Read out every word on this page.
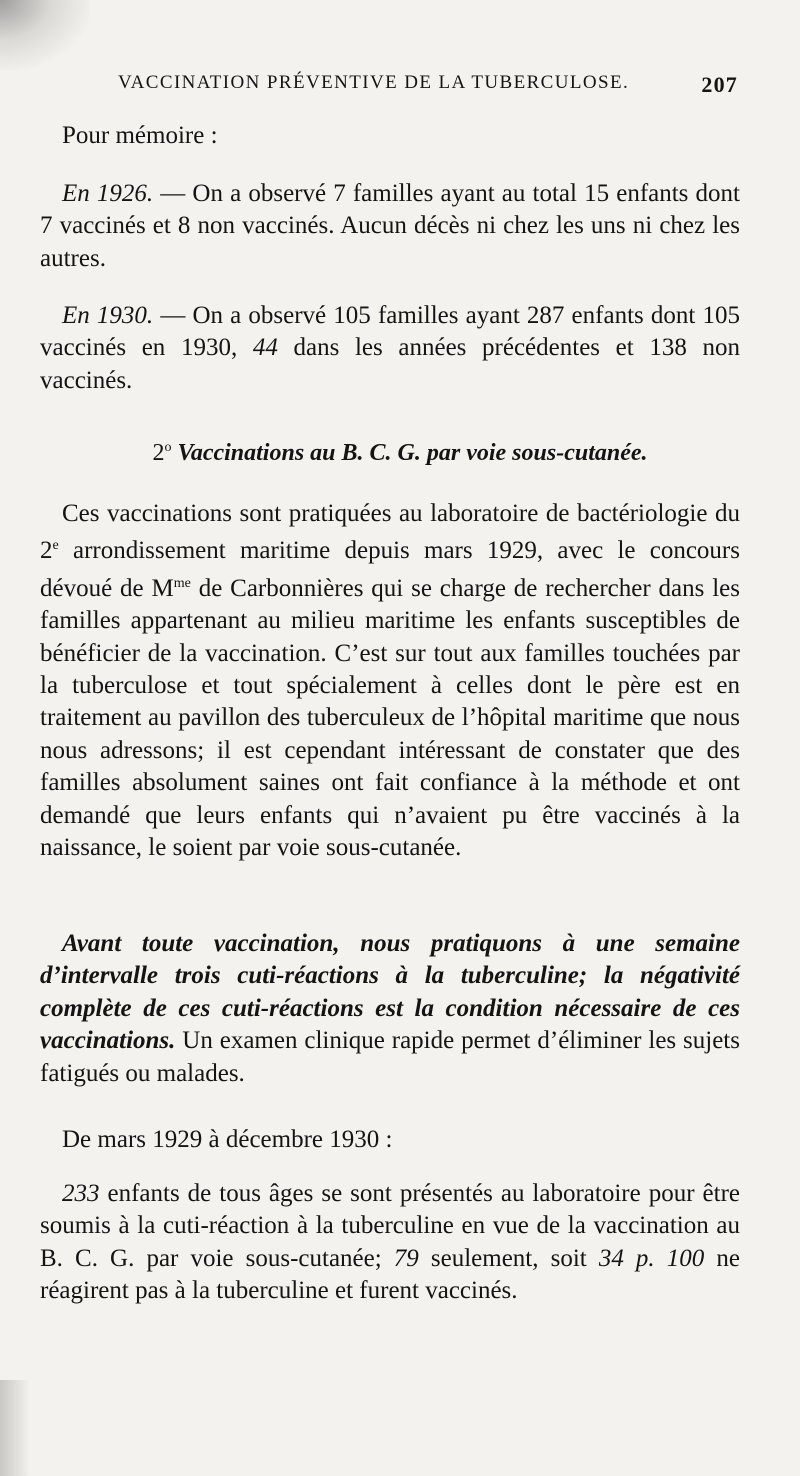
VACCINATION PRÉVENTIVE DE LA TUBERCULOSE.	207

Pour mémoire :

En 1926. — On a observé 7 familles ayant au total 15 enfants dont 7 vaccinés et 8 non vaccinés. Aucun décès ni chez les uns ni chez les autres.

En 1930. — On a observé 105 familles ayant 287 enfants dont 105 vaccinés en 1930, 44 dans les années précédentes et 138 non vaccinés.

2$^o$ Vaccinations au B. C. G. par voie sous-cutanée.

Ces vaccinations sont pratiquées au laboratoire de bactériologie du 2e arrondissement maritime depuis mars 1929, avec le concours dévoué de $M^{me}$ de Carbonnières qui se charge de rechercher dans les familles appartenant au milieu maritime les enfants susceptibles de bénéficier de la vaccination. C’est sur tout aux familles touchées par la tuberculose et tout spécialement à celles dont le père est en traitement au pavillon des tuberculeux de l’hôpital maritime que nous nous adressons; il est cependant intéressant de constater que des familles absolument saines ont fait confiance à la méthode et ont demandé que leurs enfants qui n’avaient pu être vaccinés à la naissance, le soient par voie sous-cutanée.

Avant toute vaccination, nous pratiquons à une semaine d’intervalle trois cuti-réactions à la tuberculine; la négativité complète de ces cuti-réactions est la condition nécessaire de ces vaccinations. Un examen clinique rapide permet d’éliminer les sujets fatigués ou malades.

De mars 1929 à décembre 1930 :

233 enfants de tous âges se sont présentés au laboratoire pour être soumis à la cuti-réaction à la tuberculine en vue de la vaccination au B. C. G. par voie sous-cutanée; 79 seulement, soit 34 p. 100 ne réagirent pas à la tuberculine et furent vaccinés.
